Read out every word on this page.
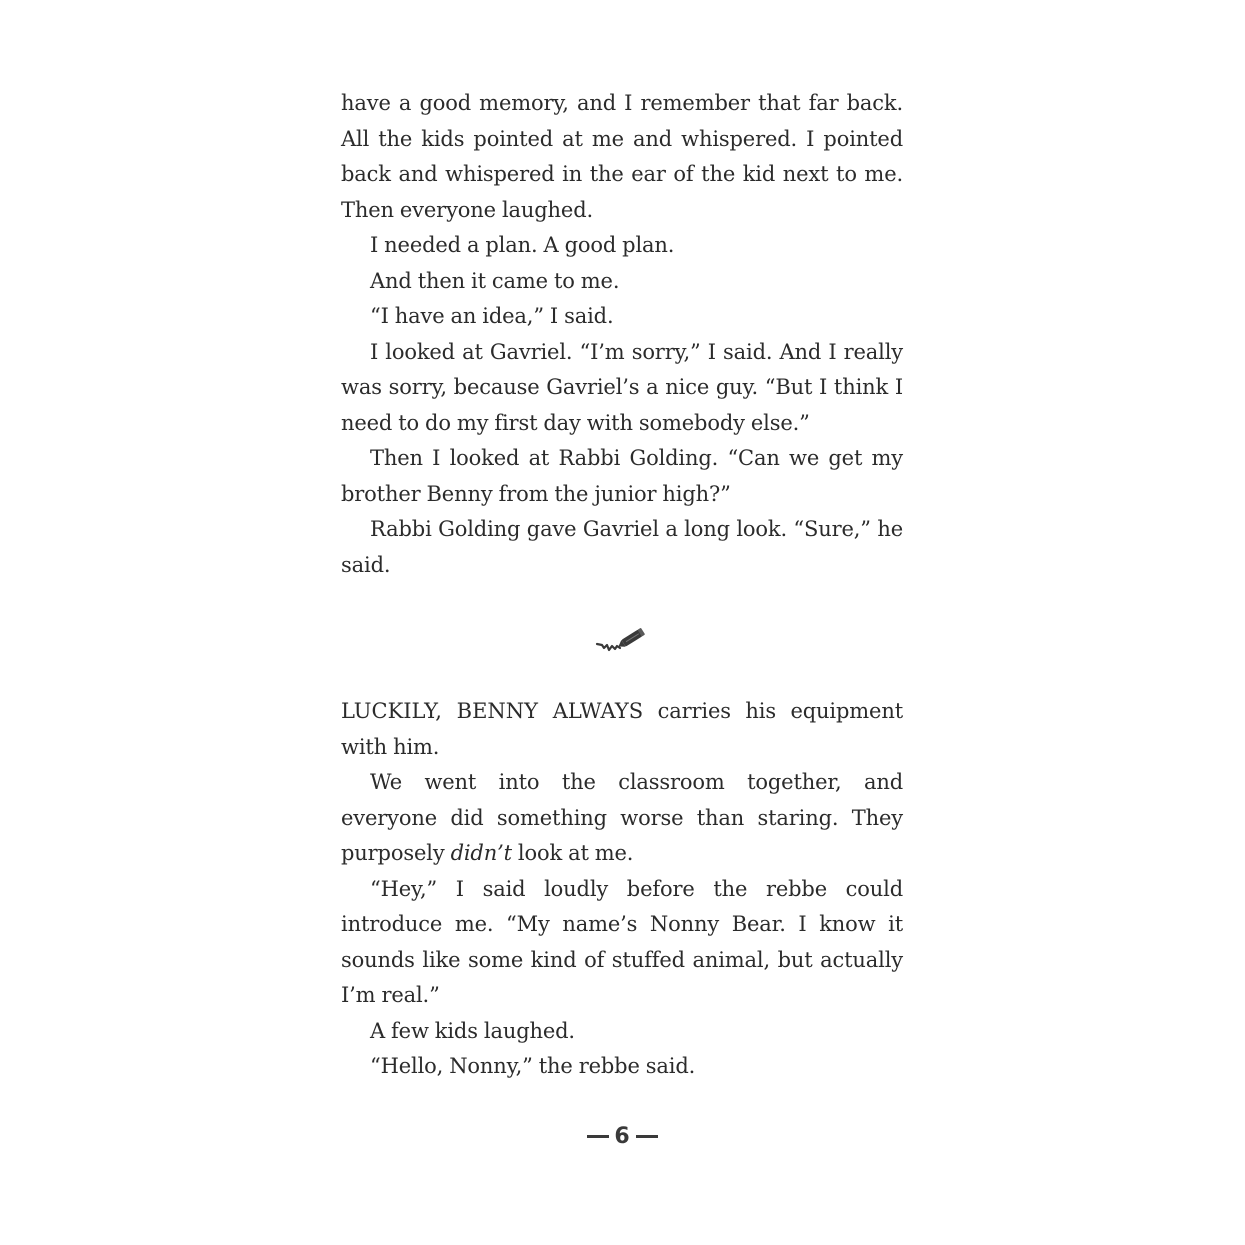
have a good memory, and I remember that far back. All the kids pointed at me and whispered. I pointed back and whispered in the ear of the kid next to me. Then everyone laughed.

I needed a plan. A good plan.

And then it came to me.

“I have an idea,” I said.

I looked at Gavriel. “I’m sorry,” I said. And I really was sorry, because Gavriel’s a nice guy. “But I think I need to do my first day with somebody else.”

Then I looked at Rabbi Golding. “Can we get my brother Benny from the junior high?”

Rabbi Golding gave Gavriel a long look. “Sure,” he said.

LUCKILY, BENNY ALWAYS carries his equipment with him.

We went into the classroom together, and everyone did something worse than staring. They purposely didn’t look at me.

“Hey,” I said loudly before the rebbe could introduce me. “My name’s Nonny Bear. I know it sounds like some kind of stuffed animal, but actually I’m real.”

A few kids laughed.

“Hello, Nonny,” the rebbe said.

6
